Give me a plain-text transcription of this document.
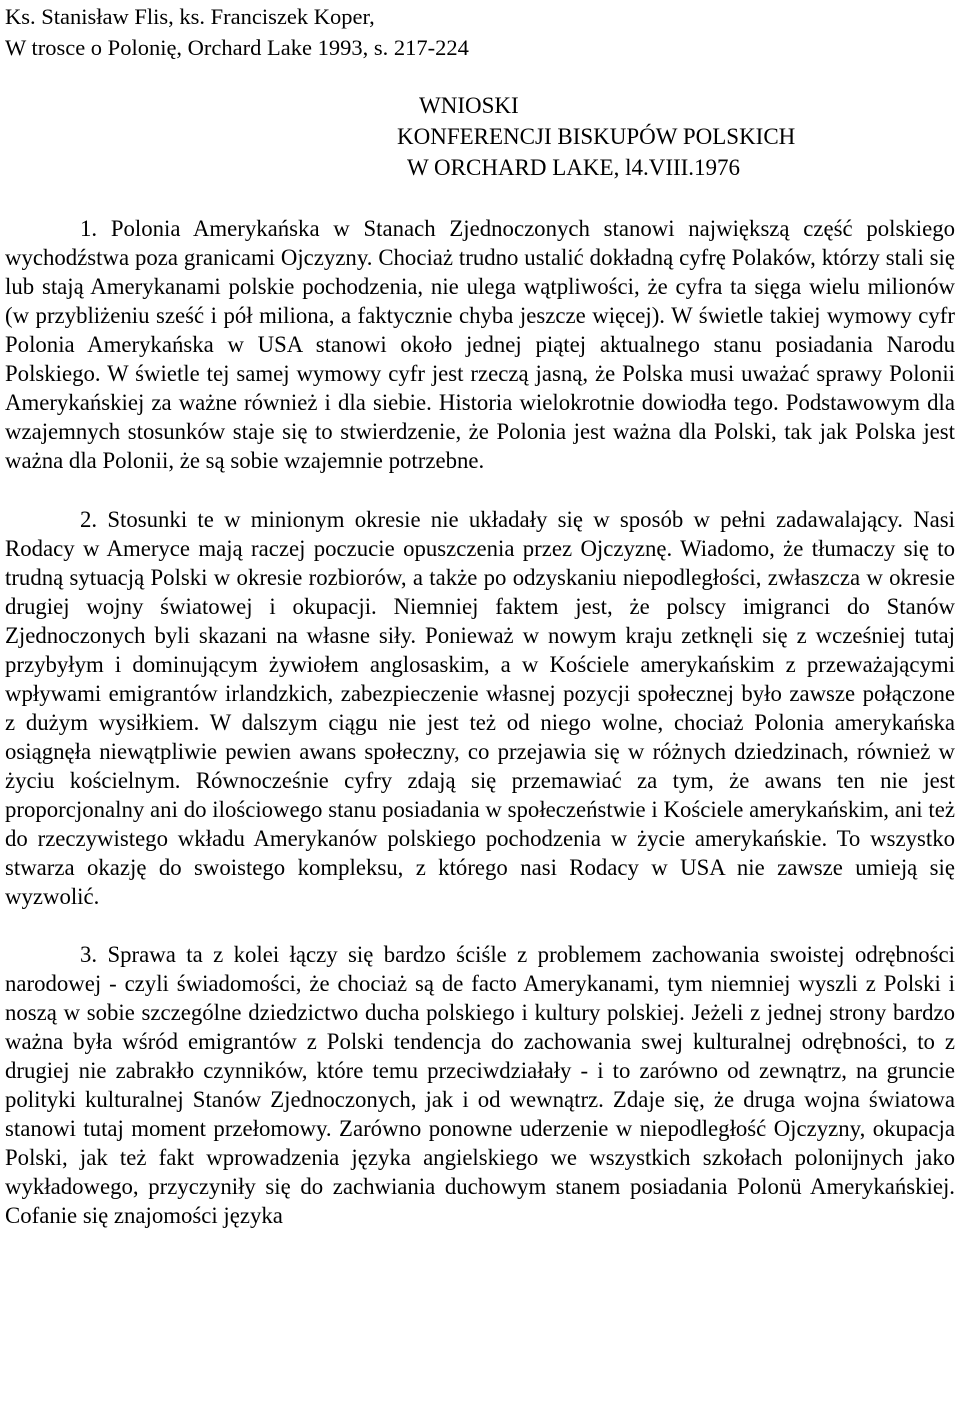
Ks. Stanisław Flis, ks. Franciszek Koper,
W trosce o Polonię, Orchard Lake 1993, s. 217-224
WNIOSKI
KONFERENCJI BISKUPÓW POLSKICH
W ORCHARD LAKE, l4.VIII.1976

1. Polonia Amerykańska w Stanach Zjednoczonych stanowi największą część polskiego wychodźstwa poza granicami Ojczyzny. Chociaż trudno ustalić dokładną cyfrę Polaków, którzy stali się lub stają Amerykanami polskie pochodzenia, nie ulega wątpliwości, że cyfra ta sięga wielu milionów (w przybliżeniu sześć i pół miliona, a faktycznie chyba jeszcze więcej). W świetle takiej wymowy cyfr Polonia Amerykańska w USA stanowi około jednej piątej aktualnego stanu posiadania Narodu Polskiego. W świetle tej samej wymowy cyfr jest rzeczą jasną, że Polska musi uważać sprawy Polonii Amerykańskiej za ważne również i dla siebie. Historia wielokrotnie dowiodła tego. Podstawowym dla wzajemnych stosunków staje się to stwierdzenie, że Polonia jest ważna dla Polski, tak jak Polska jest ważna dla Polonii, że są sobie wzajemnie potrzebne.

2. Stosunki te w minionym okresie nie układały się w sposób w pełni zadawalający. Nasi Rodacy w Ameryce mają raczej poczucie opuszczenia przez Ojczyznę. Wiadomo, że tłumaczy się to trudną sytuacją Polski w okresie rozbiorów, a także po odzyskaniu niepodległości, zwłaszcza w okresie drugiej wojny światowej i okupacji. Niemniej faktem jest, że polscy imigranci do Stanów Zjednoczonych byli skazani na własne siły. Ponieważ w nowym kraju zetknęli się z wcześniej tutaj przybyłym i dominującym żywiołem anglosaskim, a w Kościele amerykańskim z przeważającymi wpływami emigrantów irlandzkich, zabezpieczenie własnej pozycji społecznej było zawsze połączone z dużym wysiłkiem. W dalszym ciągu nie jest też od niego wolne, chociaż Polonia amerykańska osiągnęła niewątpliwie pewien awans społeczny, co przejawia się w różnych dziedzinach, również w życiu kościelnym. Równocześnie cyfry zdają się przemawiać za tym, że awans ten nie jest proporcjonalny ani do ilościowego stanu posiadania w społeczeństwie i Kościele amerykańskim, ani też do rzeczywistego wkładu Amerykanów polskiego pochodzenia w życie amerykańskie. To wszystko stwarza okazję do swoistego kompleksu, z którego nasi Rodacy w USA nie zawsze umieją się wyzwolić.

3. Sprawa ta z kolei łączy się bardzo ściśle z problemem zachowania swoistej odrębności narodowej - czyli świadomości, że chociaż są de facto Amerykanami, tym niemniej wyszli z Polski i noszą w sobie szczególne dziedzictwo ducha polskiego i kultury polskiej. Jeżeli z jednej strony bardzo ważna była wśród emigrantów z Polski tendencja do zachowania swej kulturalnej odrębności, to z drugiej nie zabrakło czynników, które temu przeciwdziałały - i to zarówno od zewnątrz, na gruncie polityki kulturalnej Stanów Zjednoczonych, jak i od wewnątrz. Zdaje się, że druga wojna światowa stanowi tutaj moment przełomowy. Zarówno ponowne uderzenie w niepodległość Ojczyzny, okupacja Polski, jak też fakt wprowadzenia języka angielskiego we wszystkich szkołach polonijnych jako wykładowego, przyczyniły się do zachwiania duchowym stanem posiadania Polonü Amerykańskiej. Cofanie się znajomości języka
